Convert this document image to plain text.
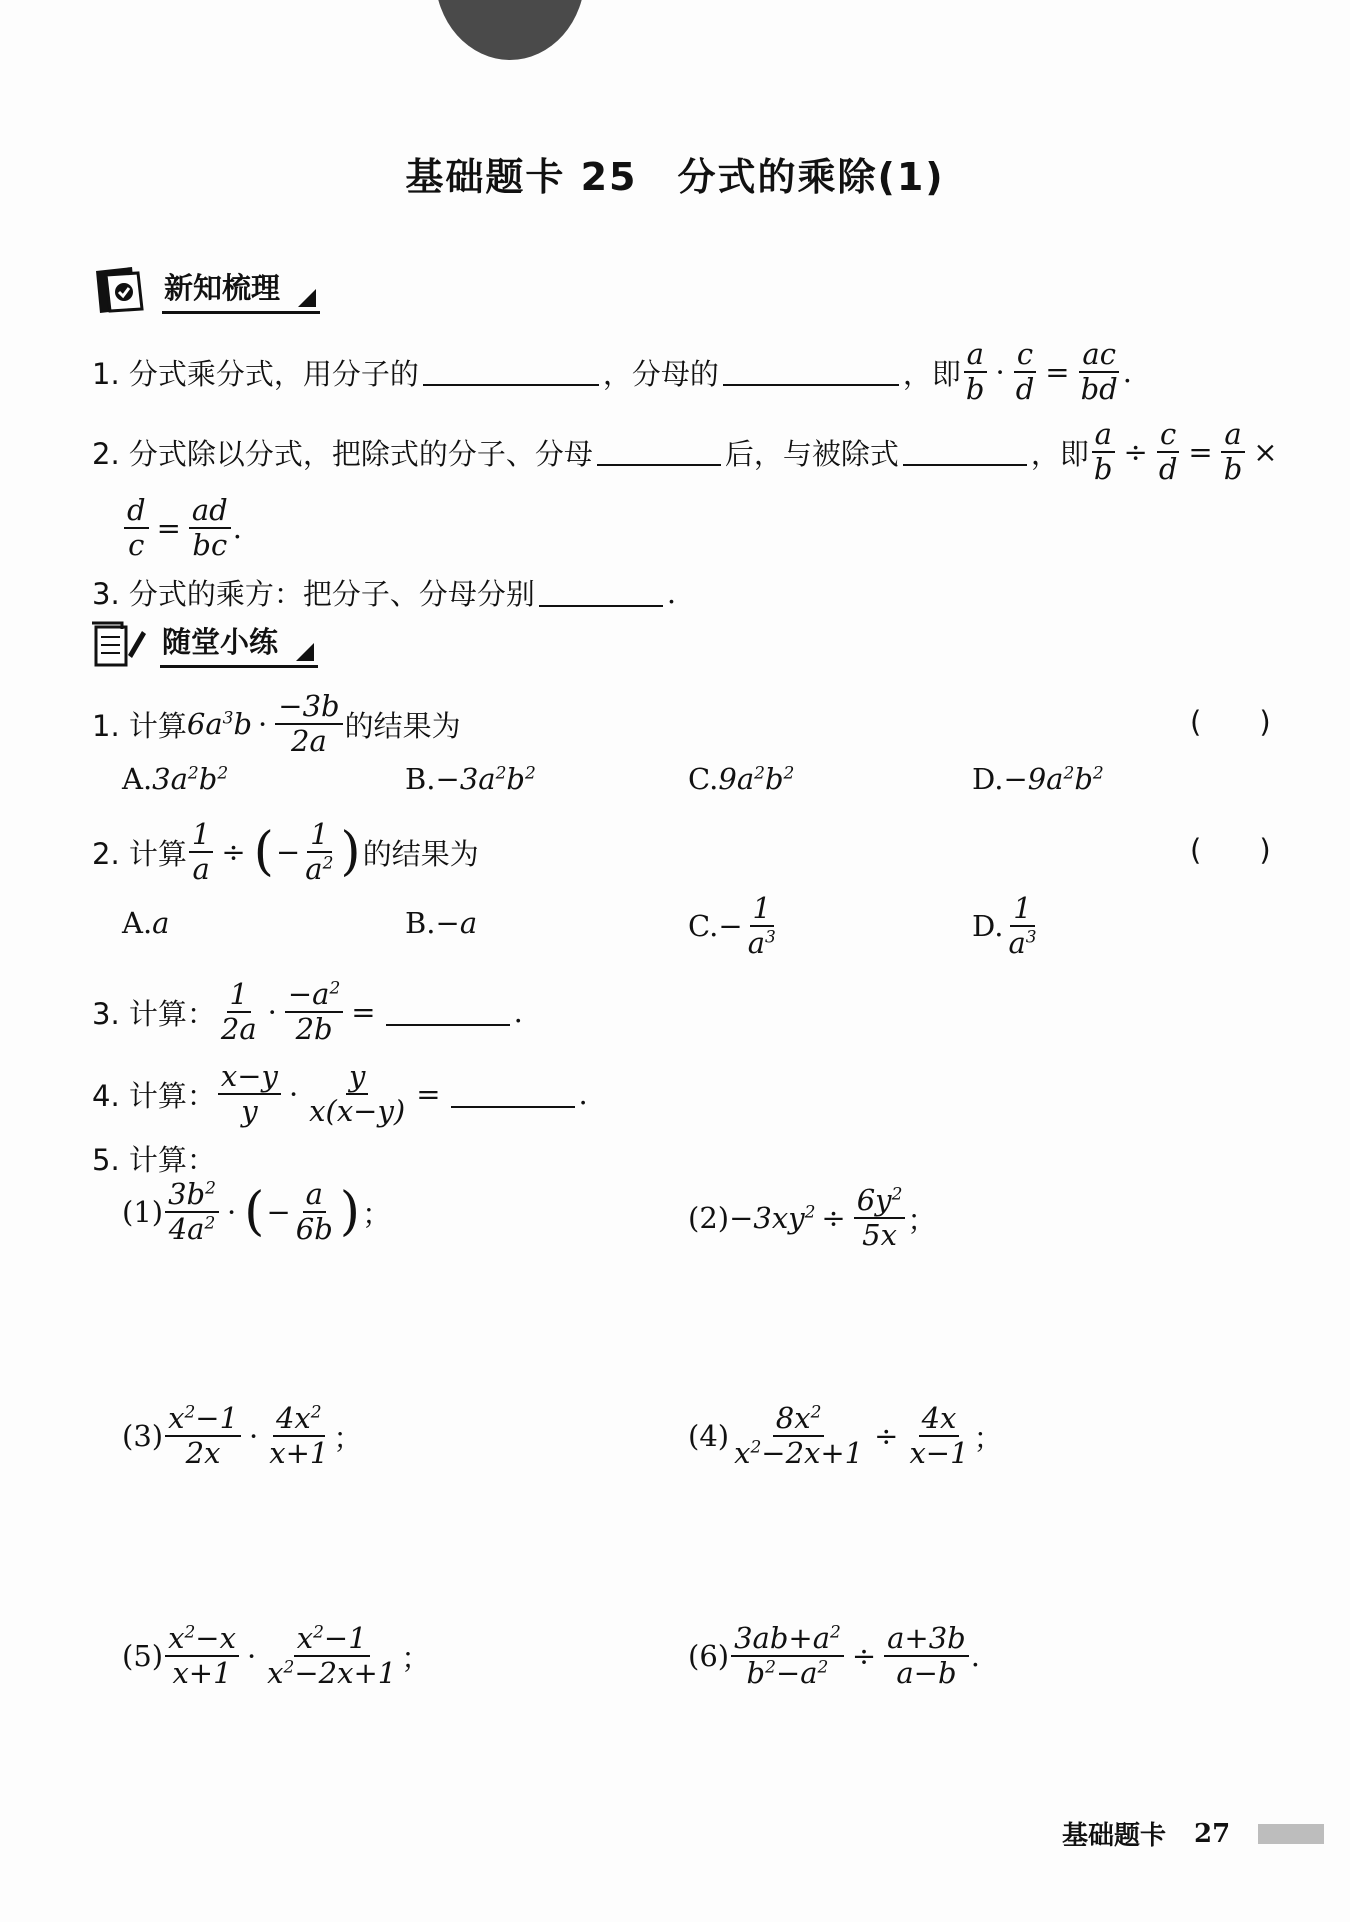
基础题卡 25　分式的乘除(1)
新知梳理
1. 分式乘分式，用分子的	，分母的	，即 $\frac{a}{b} \cdot \frac{c}{d} = \frac{ac}{bd}$ .
2. 分式除以分式，把除式的分子、分母	后，与被除式	，即 $\frac{a}{b} \div \frac{c}{d} = \frac{a}{b}$ ×
$\frac{d}{c} = \frac{ad}{bc}$ .
3. 分式的乘方：把分子、分母分别	.
随堂小练
1. 计算 $6a^3b \cdot \frac{-3b}{2a}$ 的结果为	(　　)
A. $3a^2b^2$	B. $-3a^2b^2$	C. $9a^2b^2$	D. $-9a^2b^2$
2. 计算 $\frac{1}{a}$ ÷ ( − $\frac{1}{a^2}$ ) 的结果为	(　　)
A. a	B. −a	C. − $\frac{1}{a^3}$	D. $\frac{1}{a^3}$
3. 计算： $\frac{1}{2a} \cdot \frac{-a^2}{2b}$ =	.
4. 计算： $\frac{x-y}{y} \cdot \frac{y}{x(x-y)}$ =	.
5. 计算：
$(1) \frac{3b^2}{4a^2}$ · ( − $\frac{a}{6b}$ ) ；	$(2) -3xy^2 \div \frac{6y^2}{5x}$ ；
$(3) \frac{x^2-1}{2x} \cdot \frac{4x^2}{x+1}$ ；	$(4) \frac{8x^2}{x^2-2x+1} \div \frac{4x}{x-1}$ ；
$(5) \frac{x^2-x}{x+1} \cdot \frac{x^2-1}{x^2-2x+1}$ ；	$(6) \frac{3ab+a^2}{b^2-a^2} \div \frac{a+3b}{a-b}$ .
基础题卡 27
